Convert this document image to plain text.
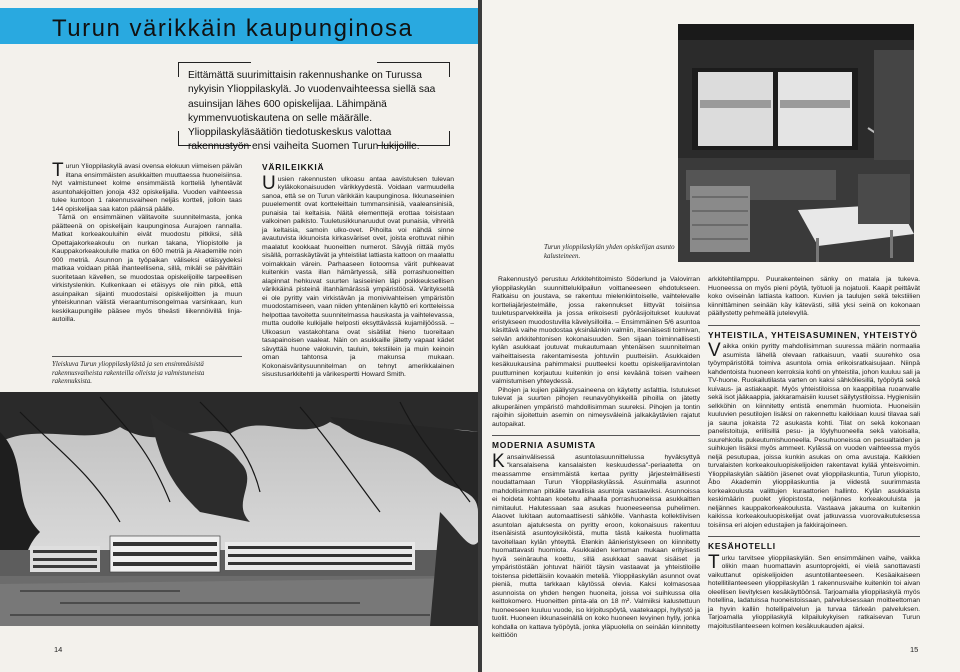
Turun värikkäin kaupunginosa

Eittämättä suurimittaisin rakennushanke on Turussa nykyisin Ylioppilaskylä. Jo vuodenvaihteessa siellä saa asuinsijan lähes 600 opiskelijaa. Lähimpänä kymmenvuotiskautena on selle määrälle. Ylioppilaskyläsäätiön tiedotuskeskus valottaa rakennustyön ensi vaiheita Suomen Turun lukijoille.

Turun Ylioppilaskylä avasi ovensa elokuun viimeisen päivän iltana ensimmäisten asukkaitten muuttaessa huoneisiinsa. Nyt valmistuneet kolme ensimmäistä kortteliä lyhentävät asuntohakijoitten jonoja 432 opiskelijalla. Vuoden vaihteessa tulee kuntoon 1 rakennusvaiheen neljäs kortteli, jolloin taas 144 opiskelijaa saa katon päänsä päälle.

Tämä on ensimmäinen välitavoite suunnitelmasta, jonka päätteenä on opiskelijain kaupunginosa Aurajoen rannalla. Matkat korkeakouluihin eivät muodostu pitkiksi, sillä Opettajakorkeakoulu on nurkan takana, Yliopistolle ja Kauppakorkeakoululle matka on 600 metriä ja Akademille noin 900 metriä. Asunnon ja työpaikan väliseksi etäisyydeksi matkaa voidaan pitää ihanteellisena, sillä, mikäli se päivittäin suoritetaan kävellen, se muodostaa opiskelijoille tarpeellisen virkistyslenkin. Kulkenkaan ei etäisyys ole niin pitkä, että asuinpaikan sijainti muodostaisi opiskelijoitten ja muun yhteiskunnan välistä vieraantumisongelmaa varsinkaan, kun keskikaupungille pääsee myös tiheästi liikennöivillä linja-autoilla.

Yleiskuva Turun ylioppilaskylästä ja sen ensimmäisistä rakennusvaiheista rakenteilla olleista ja valmistuneista rakennuksista.
VÄRILEIKKIÄ

Uusien rakennusten ulkoasu antaa aavistuksen tulevan kyläkokonaisuuden värikkyydestä. Voidaan varmuudella sanoa, että se on Turun värikkäin kaupunginosa. Ikkunaseinien puuelementit ovat kortteleittain tummansinisiä, vaaleansinisiä, punaisia tai keltaisia. Näitä elementtejä erottaa toisistaan valkoinen palkisto. Tuuletusikkunaruudut ovat punaisia, vihreitä ja keltaisia, samoin ulko-ovet. Pihoilta voi nähdä sinne avautuvista ikkunoista kirkasväriset ovet, joista erottuvat niihin maalatut kookkaat huoneitten numerot. Sävyjä riittää myös sisällä, porraskäytävät ja yhteistilat lattiasta kattoon on maalattu voimakkain värein. Parhaaseen liotoomsa värit puhkeavat kuitenkin vasta illan hämärtyessä, sillä porrashuoneitten alapinnat hehkuvat suurten lasiseinien läpi poikkeuksellisen värikkäinä pisteinä iltanhämärässä ympäristöösä. Väritykseltä ei ole pyritty vain virkistävän ja monivivahteisen ympäristön muodostamiseen, vaan niiden yhtenäinen käyttö eri kortteleissa helpottaa tavoitetta suunnitelmassa hauskasta ja vaihtelevassa, mutta oudolle kulkijalle helposti eksyttävässä kujamiljöössä. – Ulkoasun vastakohtana ovat sisätilat hieno tuoreitaan tasapainoisen vaaleat. Näin on asukkaille jätetty vapaat kädet sävyttää huone valokuvin, tauluin, tekstiilein ja muin keinoin oman tahtonsa ja makunsa mukaan. Kokonaisväritysuunnitelman on tehnyt amerikkalainen sisustusarkkitehti ja värikespertti Howard Smith.

14
Turun ylioppilaskylän yhden opiskelijan asunto kalusteineen.

Rakennustyö perustuu Arkkitehtitoimisto Söderlund ja Valovirran ylioppilaskylän suunnittelukilpailun voittaneeseen ehdotukseen. Ratkaisu on joustava, se rakentuu mielenkiintoiselle, vaihtelevalle kortteliajärjestelmälle, jossa rakennukset liittyvät toisiinsa tuuletusparvekkeilla ja jossa erikoisesti pyöräsijoitukset kuuluvat eristykseen muodostuvilla kävelysilloilla. – Ensimmäinen 5/6 asuntoa käsittävä vaihe muodostaa yksinäänkin valmiin, itsenäisesti toimivan, selvän arkkitehtonisen kokonaisuuden. Sen sijaan toiminnallisesti kylän asukkaat joutuvat mukautumaan yhtenäisen suunnitelman vaiheittaisesta rakentamisesta johtuviin puutteisiin. Asukkaiden kesäkuukausina pahimmaksi puutteeksi koettu opiskelijaravintolan puuttuminen korjautuu kuitenkin jo ensi keväänä toisen vaiheen valmistumisen yhteydessä.

Pihojen ja kujien pääliystysaineena on käytetty asfalttia. Istutukset tulevat ja suurten pihojen reunavyöhykkeillä pihoilla on jätetty alkuperäinen ympäristö mahdollisimman suureksi. Pihojen ja tontin rajoihin sijoitettuin asemin on nimeysväleinä jalkakäytävien rajatut autopaikat.

MODERNIA ASUMISTA

Kansainvälisessä asuntolasuunnittelussa hyväksyttyä "kansalaisena kansalaisten keskuudessa"-periaatetta on meassamme ensimmäistä kertaa pyritty järjestelmällisesti noudattamaan Turun Ylioppilaskylässä. Asuinmalla asunnot mahdollisimman pitkälle tavallisia asuntoja vastaaviksi. Asunnoissa ei hoideta kohtaan koeteltu alhaalla porrashuoneissa asukkaitten nimitaulut. Halutessaan saa asukas huoneeseensa puhelimen. Alaovet lukitaan automaattisesti sähkölle. Vanhasta kollektiivisen asuntolan ajatuksesta on pyritty eroon, kokonaisuus rakentuu itsenäisistä asuntoyksiköistä, mutta tästä kaikesta huolimatta tavoitellaan kylän yhteyttä. Etenkin äänieristykseen on kiinnitetty huomattavasti huomiota. Asukkaiden kertoman mukaan erityisesti hyvä seinärauha koettu, sillä asukkaat saavat sisäiset ja ympäristöstään johtuvat häiriöt täysin vastaavat ja yhteistiloille toistensa pidettäisiin kovaakin meteliä. Ylioppilaskylän asunnot ovat pieniä, mutta tarkkaan käytössä olevia. Kaksi kolmasosaa asunnoista on yhden hengen huoneita, joissa voi suihkussa olla keittokomero. Huoneitten pinta-ala on 18 m². Valmiiksi kalustettuun huoneeseen kuuluu vuode, iso kirjoituspöytä, vaatekaappi, hyllystö ja tuolit. Huoneen ikkunaseinällä on koko huoneen levyinen hylly, jonka kohdalla on kattava työpöytä, jonka yläpuolella on seinään kiinnitetty keittiöön

arkkitehtilamppu. Puurakenteinen sänky on matala ja tukeva. Huoneessa on myös pieni pöytä, työtuoli ja nojatuoli. Kaapit peittävät koko oviseinän lattiasta kattoon. Kuvien ja taulujen sekä tekstiilien kiinnittäminen seinään käy kätevästi, sillä yksi seinä on kokonaan päällystetty pehmeällä jutelevyllä.

YHTEISTILA, YHTEISASUMINEN, YHTEISTYÖ

Vaikka onkin pyritty mahdollisimman suuressa määrin normaalia asumista lähellä olevaan ratkaisuun, vaatii suurehko osa työympäristöltä toimiva asuntola omia erikoisratkaisujaan. Niinpä kahdentoista huoneen kerroksia kohti on yhteistila, johon kuuluu sali ja TV-huone. Ruokailutilasta varten on kaksi sähköliesillä, työpöytä sekä kuivaus- ja astiakaapit. Myös yhteistiloissa on kaappitilaa ruoanvalle sekä isot jääkaappia, jakkaramaisiin kuuset säilytystiloissa. Hygienisiin selkköhin on kiinnitetty entistä enemmän huomiota. Huoneisiin kuuluvien pesutilojen lisäksi on rakennettu kaikkiaan kuusi tilavaa sali ja sauna jokaista 72 asukasta kohti. Tilat on sekä kokonaan panelistoituja, erillisillä pesu- ja löylyhuoneella sekä valoisalla, suurehkolla pukeutumishuoneella. Pesuhuoneissa on pesualtaiden ja suihkujen lisäksi myös ammeet. Kylässä on vuoden vaihteessa myös neljä pesutupaa, joissa kunkin asukas on oma avustaja. Kaikkien turvalaisten korkeakouluopiskelijoiden rakentavat kylää yhteisvoimin. Ylioppilaskylän säätiön jäsenet ovat ylioppilaskuntia, Turun yliopisto, Åbo Akademin ylioppilaskuntia ja viidestä suurimmasta korkeakoulusta valittujen kuraattorien hallinto. Kylän asukkaista keskimäärin puolet yliopistosta, neljännes korkeakouluista ja neljännes kauppakorkeakoulusta. Vastaava jakauma on kuitenkin kaikissa korkeakouluopiskelijat ovat jatkuvassa vuorovaikutuksessa toisiinsa eri alojen edustajien ja fakkirajoineen.

KESÄHOTELLI

Turku tarvitsee ylioppilaskylän. Sen ensimmäinen vaihe, vaikka olikin maan huomattavin asuntoprojekti, ei vielä sanottavasti vaikuttanut opiskelijoiden asuntotilanteeseen. Kesäaikaiseen hotellitilanteeseen ylioppilaskylän 1 rakennusvaihe kuitenkin toi aivan oleellisen lievityksen kesäkäyttöönsä. Tarjoamalla ylioppilaskylä myös hotellina, ladatuissa huoneistoissaan, palveluksessaan moitteettoman ja hyvin kalliin hotellipalvelun ja turvaa tärkeän palveluksen. Tarjoamalla ylioppilaskylä kilpailukykyisen ratkaisevan Turun majoitustilanteeseen kolmen kesäkuukauden ajaksi.

15
